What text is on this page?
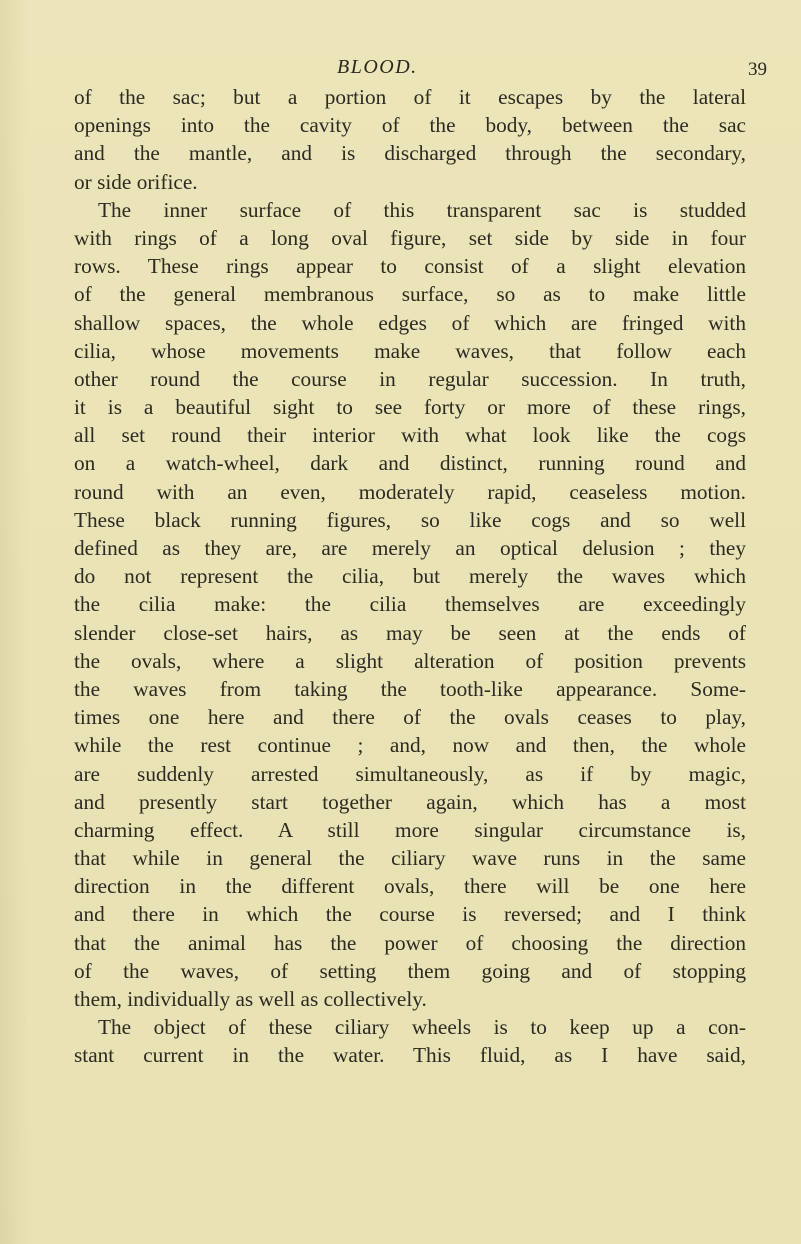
BLOOD.	39
of the sac; but a portion of it escapes by the lateral
openings into the cavity of the body, between the sac
and the mantle, and is discharged through the secondary,
or side orifice.
The inner surface of this transparent sac is studded
with rings of a long oval figure, set side by side in four
rows. These rings appear to consist of a slight elevation
of the general membranous surface, so as to make little
shallow spaces, the whole edges of which are fringed with
cilia, whose movements make waves, that follow each
other round the course in regular succession. In truth,
it is a beautiful sight to see forty or more of these rings,
all set round their interior with what look like the cogs
on a watch-wheel, dark and distinct, running round and
round with an even, moderately rapid, ceaseless motion.
These black running figures, so like cogs and so well
defined as they are, are merely an optical delusion ; they
do not represent the cilia, but merely the waves which
the cilia make: the cilia themselves are exceedingly
slender close-set hairs, as may be seen at the ends of
the ovals, where a slight alteration of position prevents
the waves from taking the tooth-like appearance. Some-
times one here and there of the ovals ceases to play,
while the rest continue ; and, now and then, the whole
are suddenly arrested simultaneously, as if by magic,
and presently start together again, which has a most
charming effect. A still more singular circumstance is,
that while in general the ciliary wave runs in the same
direction in the different ovals, there will be one here
and there in which the course is reversed; and I think
that the animal has the power of choosing the direction
of the waves, of setting them going and of stopping
them, individually as well as collectively.
The object of these ciliary wheels is to keep up a con-
stant current in the water. This fluid, as I have said,
